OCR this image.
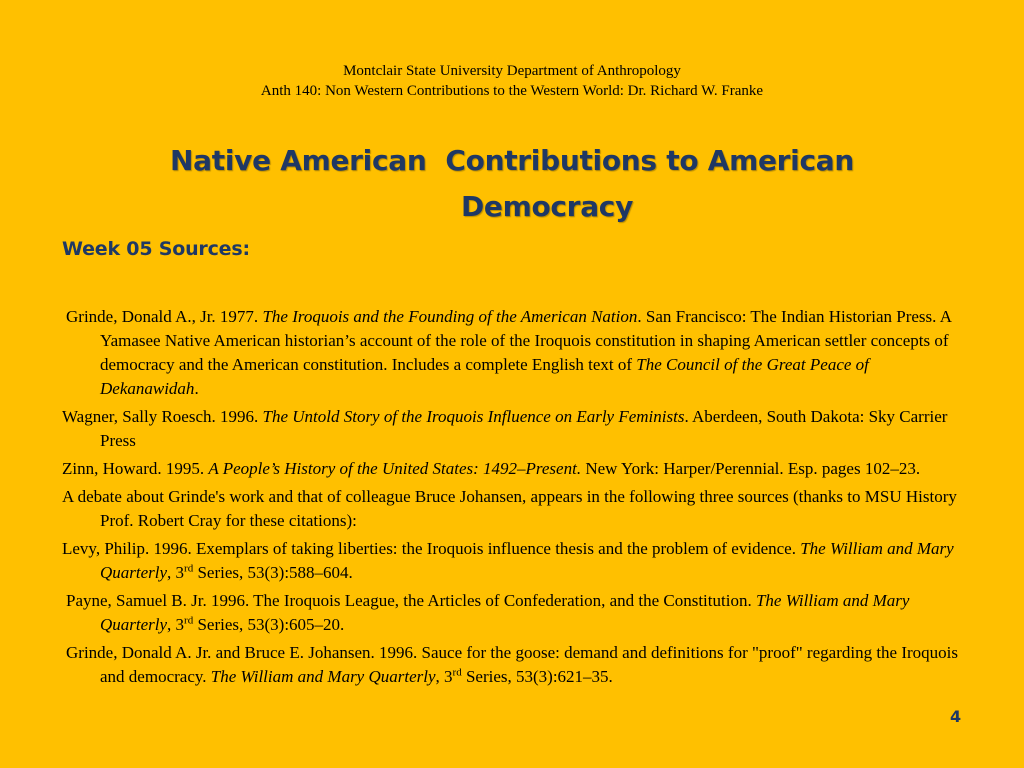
Montclair State University Department of Anthropology
Anth 140: Non Western Contributions to the Western World: Dr. Richard W. Franke
Native American  Contributions to American
Democracy
Week 05 Sources:
Grinde, Donald A., Jr. 1977. The Iroquois and the Founding of the American Nation. San Francisco: The Indian Historian Press. A Yamasee Native American historian’s account of the role of the Iroquois constitution in shaping American settler concepts of democracy and the American constitution. Includes a complete English text of The Council of the Great Peace of Dekanawidah.
Wagner, Sally Roesch. 1996. The Untold Story of the Iroquois Influence on Early Feminists. Aberdeen, South Dakota: Sky Carrier Press
Zinn, Howard. 1995. A People’s History of the United States: 1492–Present. New York: Harper/Perennial. Esp. pages 102–23.
A debate about Grinde's work and that of colleague Bruce Johansen, appears in the following three sources (thanks to MSU History Prof. Robert Cray for these citations):
Levy, Philip. 1996. Exemplars of taking liberties: the Iroquois influence thesis and the problem of evidence. The William and Mary Quarterly, 3rd Series, 53(3):588–604.
Payne, Samuel B. Jr. 1996. The Iroquois League, the Articles of Confederation, and the Constitution. The William and Mary Quarterly, 3rd Series, 53(3):605–20.
Grinde, Donald A. Jr. and Bruce E. Johansen. 1996. Sauce for the goose: demand and definitions for "proof" regarding the Iroquois and democracy. The William and Mary Quarterly, 3rd Series, 53(3):621–35.
4
